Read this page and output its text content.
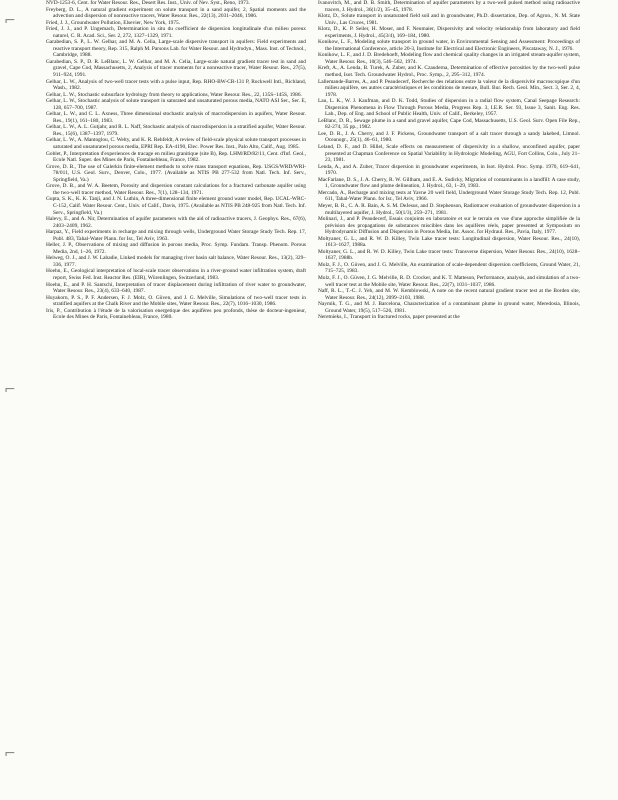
⌐
⌐
⌐

NVD-1253-6, Cent. for Water Resour. Res., Desert Res. Inst., Univ. of Nev. Syst., Reno, 1973.

Freyberg, D. L., A natural gradient experiment on solute transport in a sand aquifer, 2, Spatial moments and the advection and dispersion of nonreactive tracers, Water Resour. Res., 22(13), 2031–2046, 1986.

Fried, J. J., Groundwater Pollution, Elsevier, New York, 1975.

Fried, J. J., and P. Ungemach, Determination in situ du coefficient de dispersion longitudinale d'un milieu poreux naturel, C. R. Acad. Sci., Ser. 2, 272, 1327–1329, 1971.

Garabedian, S. P., L. W. Gelhar, and M. A. Celia, Large-scale dispersive transport in aquifers: Field experiments and reactive transport theory, Rep. 315, Ralph M. Parsons Lab. for Water Resour. and Hydrodyn., Mass. Inst. of Technol., Cambridge, 1988.

Garabedian, S. P., D. R. LeBlanc, L. W. Gelhar, and M. A. Celia, Large-scale natural gradient tracer test in sand and gravel, Cape Cod, Massachusetts, 2, Analysis of tracer moments for a nonreactive tracer, Water Resour. Res., 27(5), 911–924, 1991.

Gelhar, L. W., Analysis of two-well tracer tests with a pulse input, Rep. RHO-BW-CR-131 P, Rockwell Intl., Richland, Wash., 1982.

Gelhar, L. W., Stochastic subsurface hydrology from theory to applications, Water Resour. Res., 22, 135S–145S, 1986.

Gelhar, L. W., Stochastic analysis of solute transport in saturated and unsaturated porous media, NATO ASI Ser., Ser. E, 128, 657–700, 1987.

Gelhar, L. W., and C. L. Axness, Three dimensional stochastic analysis of macrodispersion in aquifers, Water Resour. Res., 19(1), 161–180, 1983.

Gelhar, L. W., A. L. Gutjahr, and R. L. Naff, Stochastic analysis of macrodispersion in a stratified aquifer, Water Resour. Res., 15(6), 1387–1397, 1979.

Gelhar, L. W., A. Mantoglou, C. Welty, and K. R. Rehfeldt, A review of field-scale physical solute transport processes in saturated and unsaturated porous media, EPRI Rep. EA-4190, Elec. Power Res. Inst., Palo Alto, Calif., Aug. 1985.

Goblet, P., Interpretation d'experiences de tracage en milieu granitique (site B), Rep. LHM/RD/82/11, Cent. d'Inf. Geol., Ecole Natl. Super. des Mines de Paris, Fontainebleau, France, 1982.

Grove, D. B., The use of Galerkin finite-element methods to solve mass transport equations, Rep. USGS/WRD/WRI-78/011, U.S. Geol. Surv., Denver, Colo., 1977. (Available as NTIS PB 277-532 from Natl. Tech. Inf. Serv., Springfield, Va.)

Grove, D. B., and W. A. Beetem, Porosity and dispersion constant calculations for a fractured carbonate aquifer using the two-well tracer method, Water Resour. Res., 7(1), 128–134, 1971.

Gupta, S. K., K. K. Tanji, and J. N. Luthin, A three-dimensional finite element ground water model, Rep. UCAL-WRC-C-152, Calif. Water Resour. Cent., Univ. of Calif., Davis, 1975. (Available as NTIS PB 248-925 from Natl. Tech. Inf. Serv., Springfield, Va.)

Halevy, E., and A. Nir, Determination of aquifer parameters with the aid of radioactive tracers, J. Geophys. Res., 67(6), 2403–2409, 1962.

Harpaz, Y., Field experiments in recharge and mixing through wells, Underground Water Storage Study Tech. Rep. 17, Publ. 483, Tahal-Water Plann. for Isr., Tel Aviv, 1963.

Heller, J. P., Observations of mixing and diffusion in porous media, Proc. Symp. Fundam. Transp. Phenom. Porous Media, 2nd, 1–26, 1972.

Helweg, O. J., and J. W. Labadie, Linked models for managing river basin salt balance, Water Resour. Res., 13(2), 329–336, 1977.

Hoehn, E., Geological interpretation of local-scale tracer observations in a river-ground water infiltration system, draft report, Swiss Fed. Inst. Reactor Res. (EIR), Würenlingen, Switzerland, 1983.

Hoehn, E., and P. H. Santschi, Interpretation of tracer displacement during infiltration of river water to groundwater, Water Resour. Res., 23(4), 633–640, 1987.

Huyakorn, P. S., P. F. Andersen, F. J. Molz, O. Güven, and J. G. Melville, Simulations of two-well tracer tests in stratified aquifers at the Chalk River and the Mobile sites, Water Resour. Res., 22(7), 1016–1030, 1986.

Iris, P., Contribution à l'étude de la valorisation energetique des aquifères peu profonds, thèse de docteur-ingenieur, Ecole des Mines de Paris, Fontainebleau, France, 1980.

Ivanovitch, M., and D. B. Smith, Determination of aquifer parameters by a two-well pulsed method using radioactive tracers, J. Hydrol., 36(1/2), 35–45, 1978.

Klotz, D., Solute transport in unsaturated field soil and in groundwater, Ph.D. dissertation, Dep. of Agron., N. M. State Univ., Las Cruces, 1981.

Klotz, D., K. P. Seiler, H. Moser, and F. Neumaier, Dispersivity and velocity relationship from laboratory and field experiments, J. Hydrol., 45(3/4), 169–184, 1980.

Konikow, L. F., Modeling solute transport in ground water, in Environmental Sensing and Assessment: Proceedings of the International Conference, article 20-3, Institute for Electrical and Electronic Engineers, Piscataway, N. J., 1976.

Konikow, L. F., and J. D. Bredehoeft, Modeling flow and chemical quality changes in an irrigated stream-aquifer system, Water Resour. Res., 10(3), 546–562, 1974.

Kreft, A., A. Lenda, B. Turek, A. Zuber, and K. Czauderna, Determination of effective porosities by the two-well pulse method, Isot. Tech. Groundwater Hydrol., Proc. Symp., 2, 295–312, 1974.

Lallemande-Barres, A., and P. Peaudecerf, Recherche des relations entre la valeur de la dispersivité macroscopique d'un milieu aquifère, ses autres caractéristiques et les conditions de mesure, Bull. Bur. Rech. Geol. Min., Sect. 3, Ser. 2, 4, 1978.

Lau, L. K., W. J. Kaufman, and D. K. Todd, Studies of dispersion in a radial flow system, Canal Seepage Research: Dispersion Phenomena in Flow Through Porous Media, Progress Rep. 3, I.E.R. Ser. 93, Issue 3, Sanit. Eng. Res. Lab., Dep. of Eng. and School of Public Health, Univ. of Calif., Berkeley, 1957.

LeBlanc, D. R., Sewage plume in a sand and gravel aquifer, Cape Cod, Massachusetts, U.S. Geol. Surv. Open File Rep., 82-274, 35 pp., 1982.

Lee, D. R., J. A. Cherry, and J. F. Pickens, Groundwater transport of a salt tracer through a sandy lakebed, Limnol. Oceanogr., 25(1), 46–61, 1980.

Leland, D. F., and D. Hillel, Scale effects on measurement of dispersivity in a shallow, unconfined aquifer, paper presented at Chapman Conference on Spatial Variability in Hydrologic Modeling, AGU, Fort Collins, Colo., July 21–23, 1981.

Lenda, A., and A. Zuber, Tracer dispersion in groundwater experiments, in Isot. Hydrol. Proc. Symp. 1970, 619–641, 1970.

MacFarlane, D. S., J. A. Cherry, R. W. Gillham, and E. A. Sudicky, Migration of contaminants in a landfill: A case study, 1, Groundwater flow and plume delineation, J. Hydrol., 63, 1–29, 1983.

Mercado, A., Recharge and mixing tests at Yavne 20 well field, Underground Water Storage Study Tech. Rep. 12, Publ. 611, Tahal-Water Plann. for Isr., Tel Aviv, 1966.

Meyer, B. R., C. A. R. Bain, A. S. M. DeJesus, and D. Stephenson, Radiotracer evaluation of groundwater dispersion in a multilayered aquifer, J. Hydrol., 50(1/3), 259–271, 1981.

Molinari, J., and P. Peaudecerf, Essais conjoints en laboratoire et sur le terrain en vue d'une approche simplifiée de la prévision des propagations de substances miscibles dans les aquifères réels, paper presented at Symposium on Hydrodynamic Diffusion and Dispersion in Porous Media, Int. Assoc. for Hydraul. Res., Pavia, Italy, 1977.

Moltyaner, G. L., and R. W. D. Killey, Twin Lake tracer tests: Longitudinal dispersion, Water Resour. Res., 24(10), 1613–1627, 1988a.

Moltyaner, G. L., and R. W. D. Killey, Twin Lake tracer tests: Transverse dispersion, Water Resour. Res., 24(10), 1628–1637, 1988b.

Molz, F. J., O. Güven, and J. G. Melville, An examination of scale-dependent dispersion coefficients, Ground Water, 21, 715–725, 1983.

Molz, F. J., O. Güven, J. G. Melville, R. D. Crocker, and K. T. Matteson, Performance, analysis, and simulation of a two-well tracer test at the Mobile site, Water Resour. Res., 22(7), 1031–1037, 1986.

Naff, R. L., T.-C. J. Yeh, and M. W. Kemblowski, A note on the recent natural gradient tracer test at the Borden site, Water Resour. Res., 24(12), 2099–2103, 1988.

Naymik, T. G., and M. J. Barcelona, Characterization of a contaminant plume in ground water, Meredosia, Illinois, Ground Water, 19(5), 517–526, 1981.

Neretnieks, I., Transport in fractured rocks, paper presented at the
